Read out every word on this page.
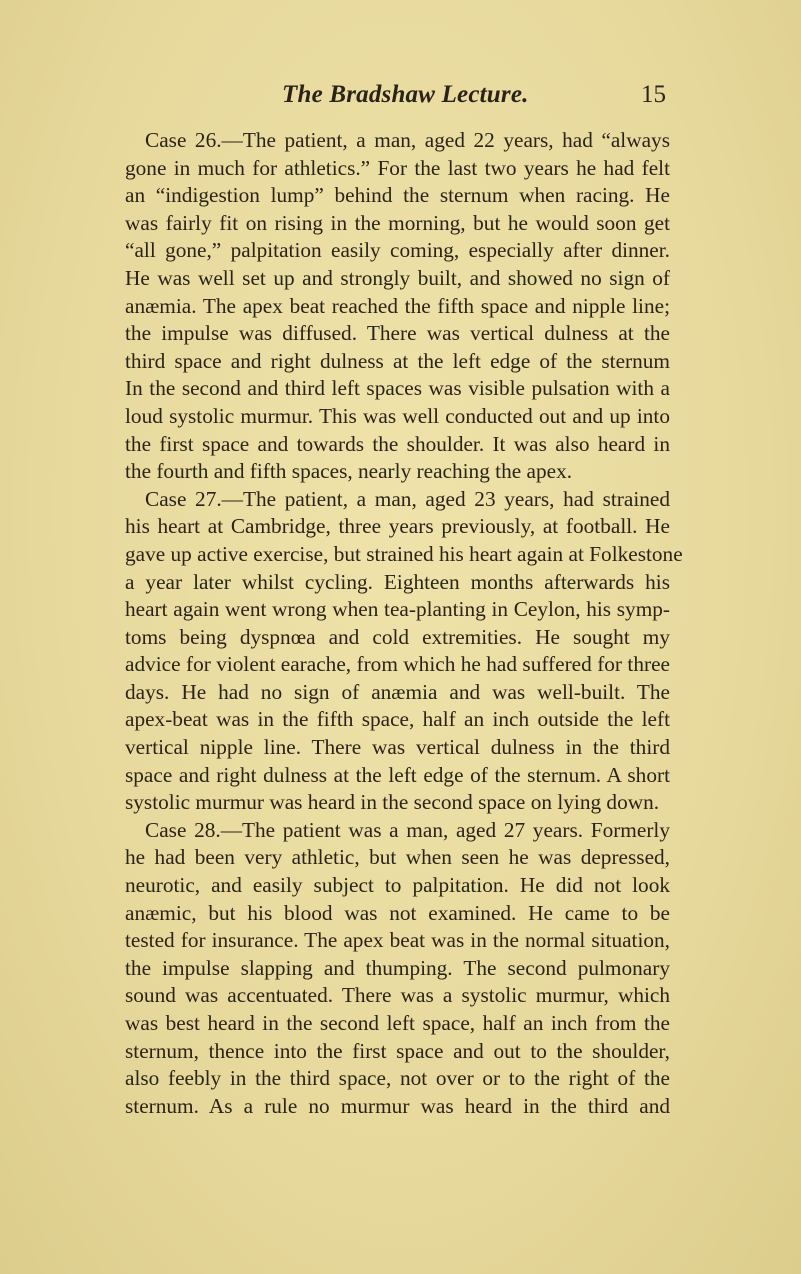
The Bradshaw Lecture.	15
Case 26.—The patient, a man, aged 22 years, had “always
gone in much for athletics.” For the last two years he had felt
an “indigestion lump” behind the sternum when racing. He
was fairly fit on rising in the morning, but he would soon get
“all gone,” palpitation easily coming, especially after dinner.
He was well set up and strongly built, and showed no sign of
anæmia. The apex beat reached the fifth space and nipple line;
the impulse was diffused. There was vertical dulness at the
third space and right dulness at the left edge of the sternum
In the second and third left spaces was visible pulsation with a
loud systolic murmur. This was well conducted out and up into
the first space and towards the shoulder. It was also heard in
the fourth and fifth spaces, nearly reaching the apex.
Case 27.—The patient, a man, aged 23 years, had strained
his heart at Cambridge, three years previously, at football. He
gave up active exercise, but strained his heart again at Folkestone
a year later whilst cycling. Eighteen months afterwards his
heart again went wrong when tea-planting in Ceylon, his symp-
toms being dyspnœa and cold extremities. He sought my
advice for violent earache, from which he had suffered for three
days. He had no sign of anæmia and was well-built. The
apex-beat was in the fifth space, half an inch outside the left
vertical nipple line. There was vertical dulness in the third
space and right dulness at the left edge of the sternum. A short
systolic murmur was heard in the second space on lying down.
Case 28.—The patient was a man, aged 27 years. Formerly
he had been very athletic, but when seen he was depressed,
neurotic, and easily subject to palpitation. He did not look
anæmic, but his blood was not examined. He came to be
tested for insurance. The apex beat was in the normal situation,
the impulse slapping and thumping. The second pulmonary
sound was accentuated. There was a systolic murmur, which
was best heard in the second left space, half an inch from the
sternum, thence into the first space and out to the shoulder,
also feebly in the third space, not over or to the right of the
sternum. As a rule no murmur was heard in the third and
